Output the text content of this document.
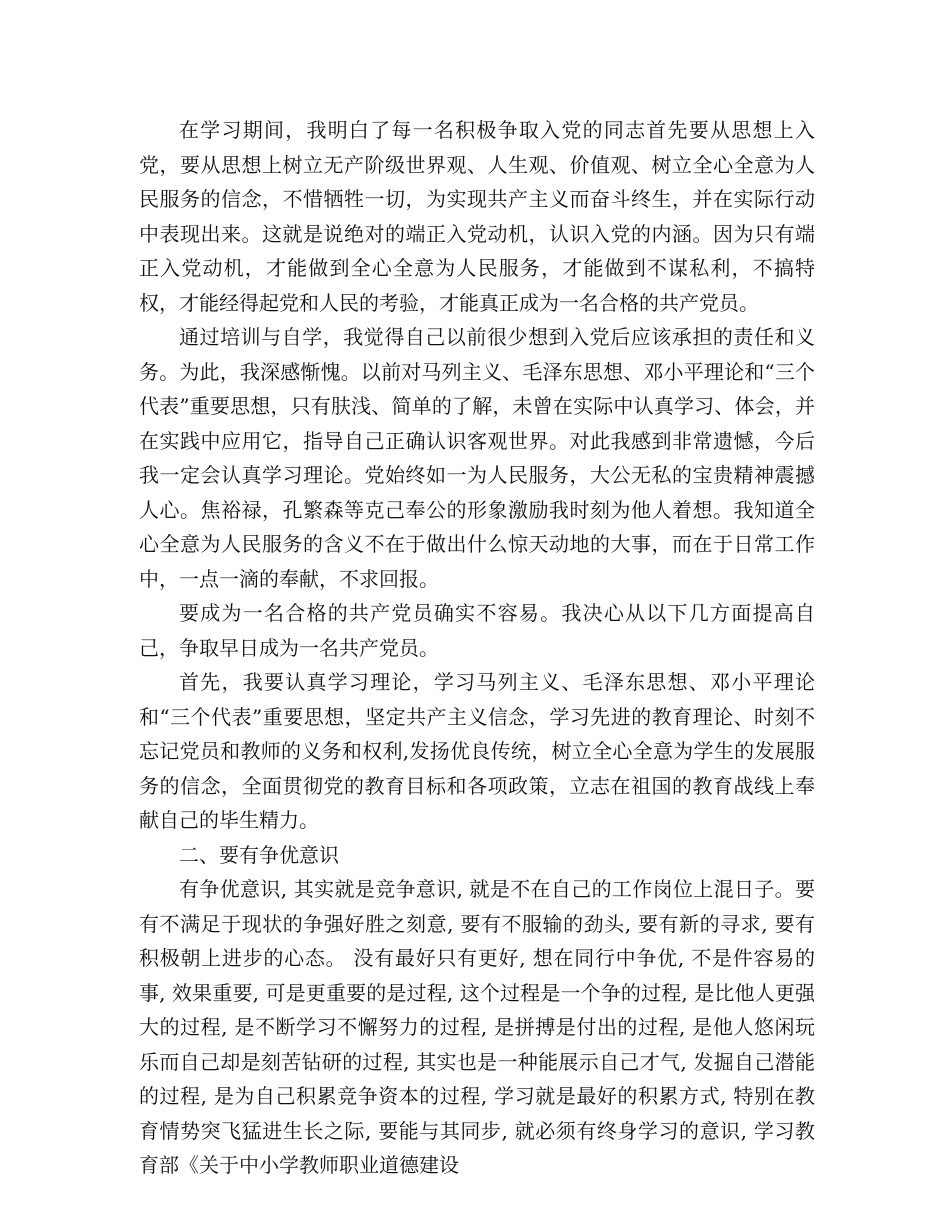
在学习期间，我明白了每一名积极争取入党的同志首先要从思想上入党，要从思想上树立无产阶级世界观、人生观、价值观、树立全心全意为人民服务的信念，不惜牺牲一切，为实现共产主义而奋斗终生，并在实际行动中表现出来。这就是说绝对的端正入党动机，认识入党的内涵。因为只有端正入党动机，才能做到全心全意为人民服务，才能做到不谋私利，不搞特权，才能经得起党和人民的考验，才能真正成为一名合格的共产党员。

通过培训与自学，我觉得自己以前很少想到入党后应该承担的责任和义务。为此，我深感惭愧。以前对马列主义、毛泽东思想、邓小平理论和“三个代表”重要思想，只有肤浅、简单的了解，未曾在实际中认真学习、体会，并在实践中应用它，指导自己正确认识客观世界。对此我感到非常遗憾，今后我一定会认真学习理论。党始终如一为人民服务，大公无私的宝贵精神震撼人心。焦裕禄，孔繁森等克己奉公的形象激励我时刻为他人着想。我知道全心全意为人民服务的含义不在于做出什么惊天动地的大事，而在于日常工作中，一点一滴的奉献，不求回报。

要成为一名合格的共产党员确实不容易。我决心从以下几方面提高自己，争取早日成为一名共产党员。

首先，我要认真学习理论，学习马列主义、毛泽东思想、邓小平理论和“三个代表”重要思想，坚定共产主义信念，学习先进的教育理论、时刻不忘记党员和教师的义务和权利,发扬优良传统，树立全心全意为学生的发展服务的信念，全面贯彻党的教育目标和各项政策，立志在祖国的教育战线上奉献自己的毕生精力。

二、要有争优意识

有争优意识, 其实就是竞争意识, 就是不在自己的工作岗位上混日子。要有不满足于现状的争强好胜之刻意, 要有不服输的劲头, 要有新的寻求, 要有积极朝上进步的心态。 没有最好只有更好, 想在同行中争优, 不是件容易的事, 效果重要, 可是更重要的是过程, 这个过程是一个争的过程, 是比他人更强大的过程, 是不断学习不懈努力的过程, 是拼搏是付出的过程, 是他人悠闲玩乐而自己却是刻苦钻研的过程, 其实也是一种能展示自己才气, 发掘自己潜能的过程, 是为自己积累竞争资本的过程, 学习就是最好的积累方式, 特别在教育情势突飞猛进生长之际, 要能与其同步, 就必须有终身学习的意识, 学习教育部《关于中小学教师职业道德建设
